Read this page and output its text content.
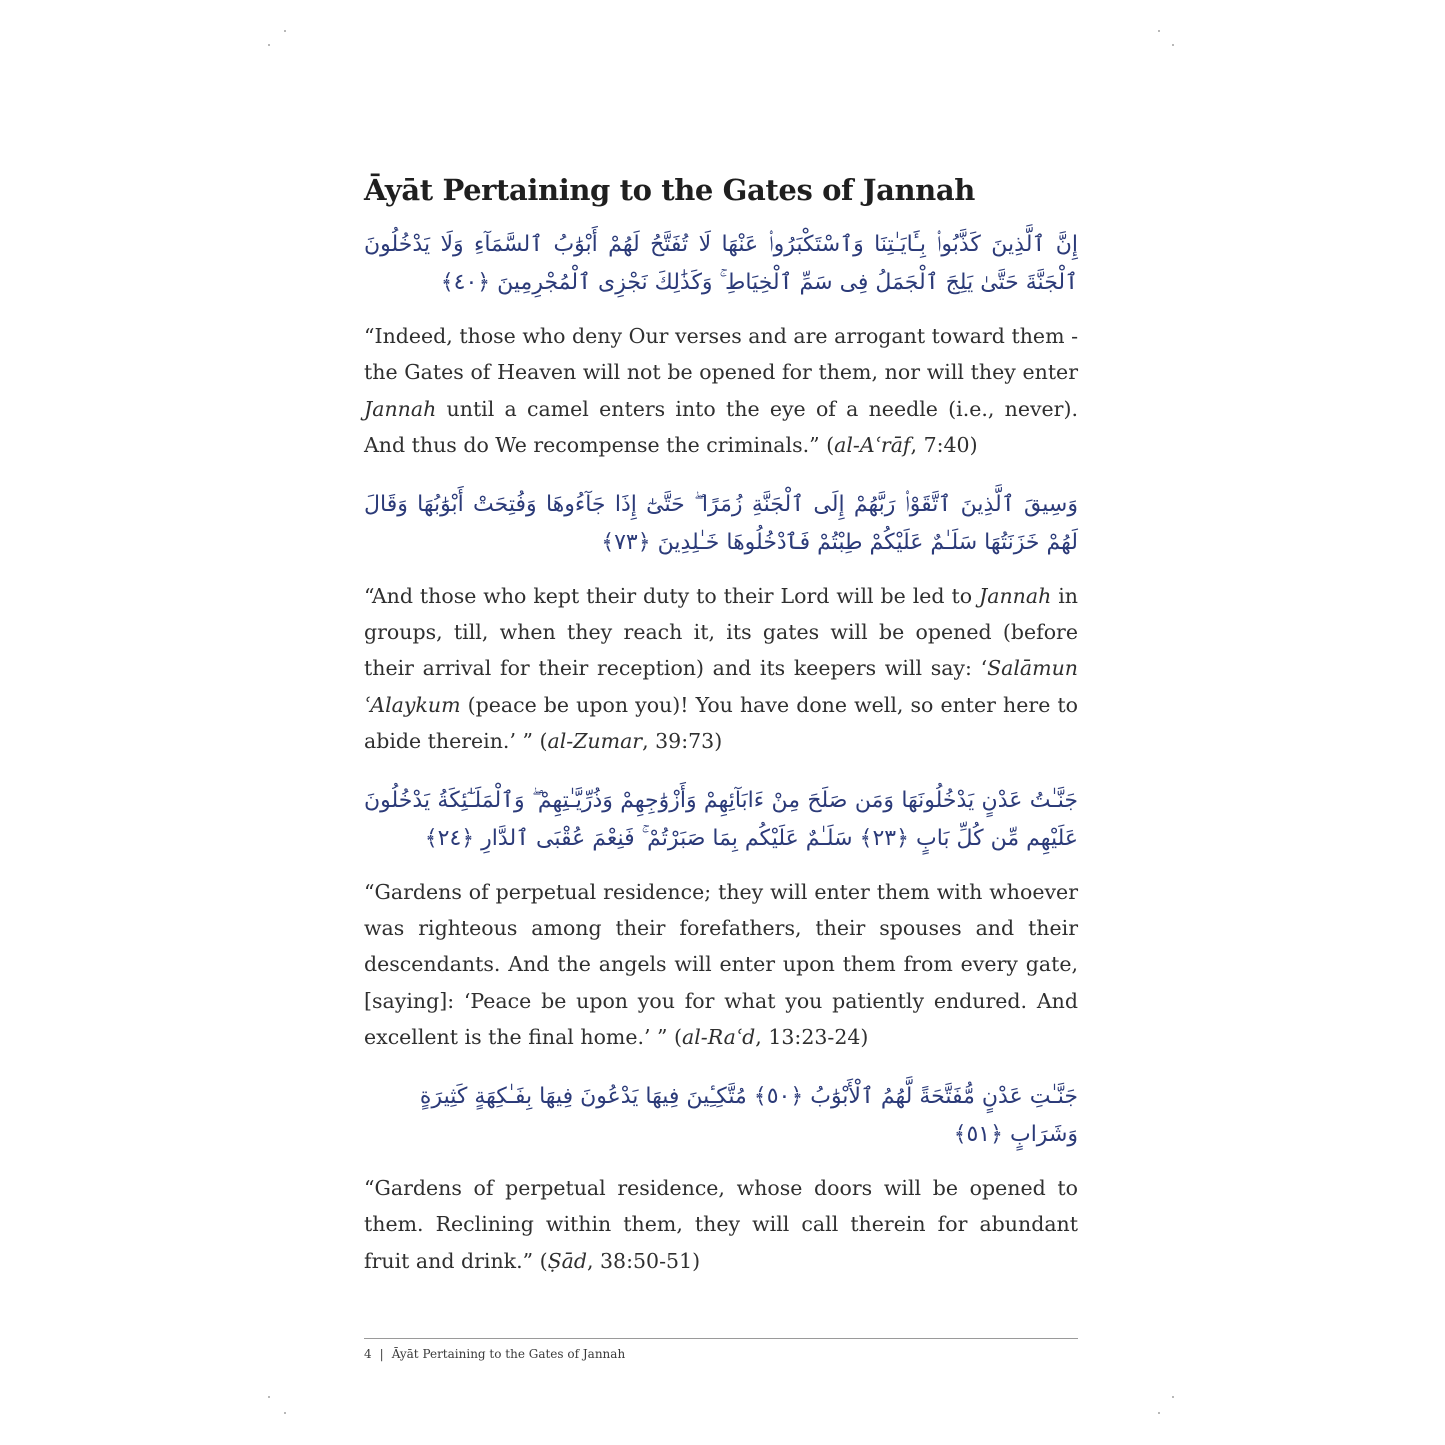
Āyāt Pertaining to the Gates of Jannah

إِنَّ ٱلَّذِينَ كَذَّبُوا۟ بِـَٔايَـٰتِنَا وَٱسْتَكْبَرُوا۟ عَنْهَا لَا تُفَتَّحُ لَهُمْ أَبْوَٰبُ ٱلسَّمَآءِ وَلَا يَدْخُلُونَ ٱلْجَنَّةَ حَتَّىٰ يَلِجَ ٱلْجَمَلُ فِى سَمِّ ٱلْخِيَاطِ ۚ وَكَذَٰلِكَ نَجْزِى ٱلْمُجْرِمِينَ ﴿٤٠﴾

“Indeed, those who deny Our verses and are arrogant toward them - the Gates of Heaven will not be opened for them, nor will they enter Jannah until a camel enters into the eye of a needle (i.e., never). And thus do We recompense the criminals.” (al-Aʿrāf, 7:40)

وَسِيقَ ٱلَّذِينَ ٱتَّقَوْا۟ رَبَّهُمْ إِلَى ٱلْجَنَّةِ زُمَرًا ۖ حَتَّىٰٓ إِذَا جَآءُوهَا وَفُتِحَتْ أَبْوَٰبُهَا وَقَالَ لَهُمْ خَزَنَتُهَا سَلَـٰمٌ عَلَيْكُمْ طِبْتُمْ فَٱدْخُلُوهَا خَـٰلِدِينَ ﴿٧٣﴾

“And those who kept their duty to their Lord will be led to Jannah in groups, till, when they reach it, its gates will be opened (before their arrival for their reception) and its keepers will say: ‘Salāmun ʿAlaykum (peace be upon you)! You have done well, so enter here to abide therein.’ ” (al-Zumar, 39:73)

جَنَّـٰتُ عَدْنٍ يَدْخُلُونَهَا وَمَن صَلَحَ مِنْ ءَابَآئِهِمْ وَأَزْوَٰجِهِمْ وَذُرِّيَّـٰتِهِمْ ۖ وَٱلْمَلَـٰٓئِكَةُ يَدْخُلُونَ عَلَيْهِم مِّن كُلِّ بَابٍ ﴿٢٣﴾ سَلَـٰمٌ عَلَيْكُم بِمَا صَبَرْتُمْ ۚ فَنِعْمَ عُقْبَى ٱلدَّارِ ﴿٢٤﴾

“Gardens of perpetual residence; they will enter them with whoever was righteous among their forefathers, their spouses and their descendants. And the angels will enter upon them from every gate, [saying]: ‘Peace be upon you for what you patiently endured. And excellent is the final home.’ ” (al-Raʿd, 13:23-24)

جَنَّـٰتِ عَدْنٍ مُّفَتَّحَةً لَّهُمُ ٱلْأَبْوَٰبُ ﴿٥٠﴾ مُتَّكِـِٔينَ فِيهَا يَدْعُونَ فِيهَا بِفَـٰكِهَةٍ كَثِيرَةٍ وَشَرَابٍ ﴿٥١﴾

“Gardens of perpetual residence, whose doors will be opened to them. Reclining within them, they will call therein for abundant fruit and drink.” (Ṣād, 38:50-51)

4 | Āyāt Pertaining to the Gates of Jannah
